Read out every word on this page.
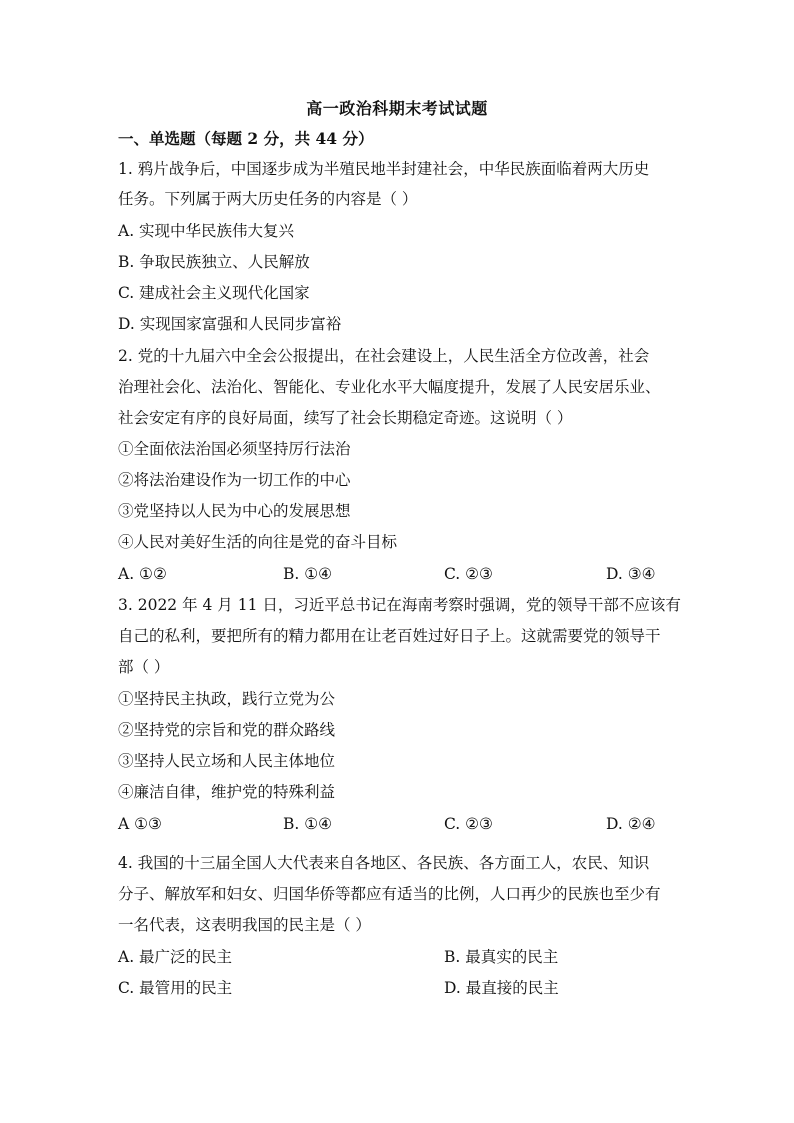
高一政治科期末考试试题
一、单选题（每题 2 分，共 44 分）
1. 鸦片战争后，中国逐步成为半殖民地半封建社会，中华民族面临着两大历史
任务。下列属于两大历史任务的内容是（ ）
A. 实现中华民族伟大复兴
B. 争取民族独立、人民解放
C. 建成社会主义现代化国家
D. 实现国家富强和人民同步富裕
2. 党的十九届六中全会公报提出，在社会建设上，人民生活全方位改善，社会
治理社会化、法治化、智能化、专业化水平大幅度提升，发展了人民安居乐业、
社会安定有序的良好局面，续写了社会长期稳定奇迹。这说明（ ）
①全面依法治国必须坚持厉行法治
②将法治建设作为一切工作的中心
③党坚持以人民为中心的发展思想
④人民对美好生活的向往是党的奋斗目标
A. ①②	B. ①④	C. ②③	D. ③④
3. 2022 年 4 月 11 日，习近平总书记在海南考察时强调，党的领导干部不应该有
自己的私利，要把所有的精力都用在让老百姓过好日子上。这就需要党的领导干
部（ ）
①坚持民主执政，践行立党为公
②坚持党的宗旨和党的群众路线
③坚持人民立场和人民主体地位
④廉洁自律，维护党的特殊利益
A ①③	B. ①④	C. ②③	D. ②④
4. 我国的十三届全国人大代表来自各地区、各民族、各方面工人，农民、知识
分子、解放军和妇女、归国华侨等都应有适当的比例，人口再少的民族也至少有
一名代表，这表明我国的民主是（ ）
A. 最广泛的民主	B. 最真实的民主
C. 最管用的民主	D. 最直接的民主
